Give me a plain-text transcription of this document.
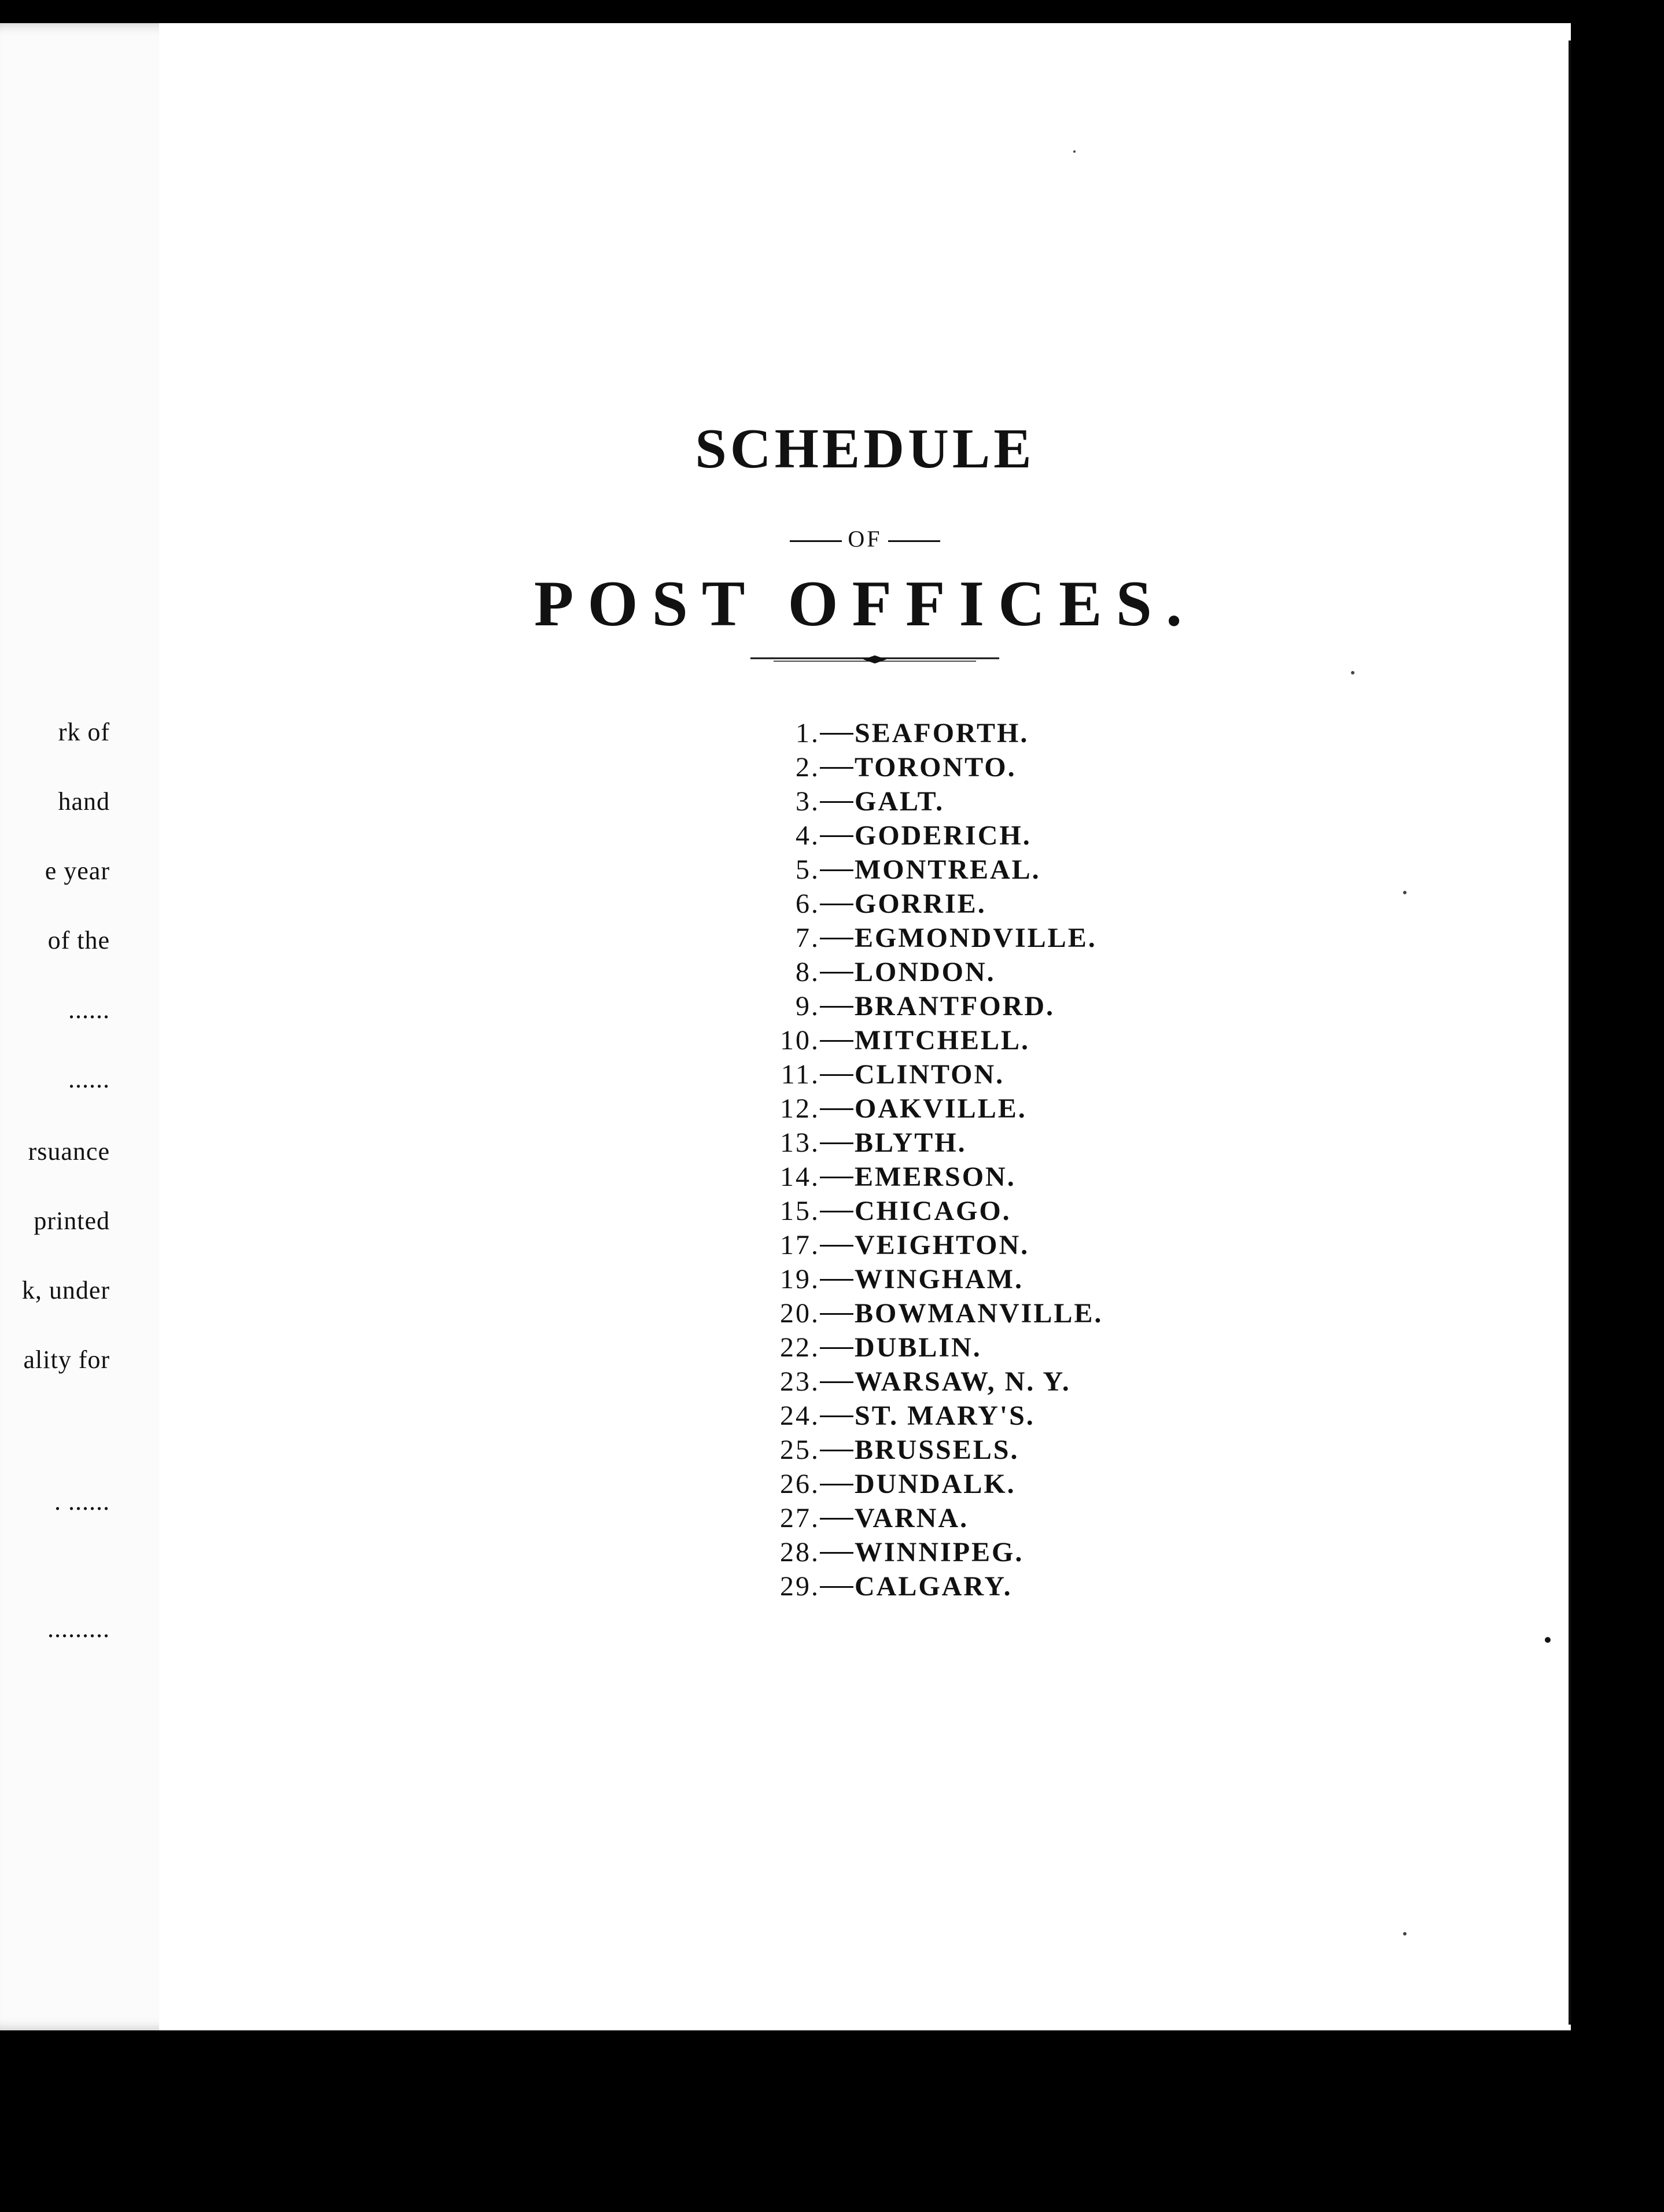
rk of
hand
e year
of the
......
......
rsuance
printed
k, under
ality for
. ......
.........
SCHEDULE
OF
POST OFFICES.
1. SEAFORTH.
2. TORONTO.
3. GALT.
4. GODERICH.
5. MONTREAL.
6. GORRIE.
7. EGMONDVILLE.
8. LONDON.
9. BRANTFORD.
10. MITCHELL.
11. CLINTON.
12. OAKVILLE.
13. BLYTH.
14. EMERSON.
15. CHICAGO.
17. VEIGHTON.
19. WINGHAM.
20. BOWMANVILLE.
22. DUBLIN.
23. WARSAW, N. Y.
24. ST. MARY'S.
25. BRUSSELS.
26. DUNDALK.
27. VARNA.
28. WINNIPEG.
29. CALGARY.
